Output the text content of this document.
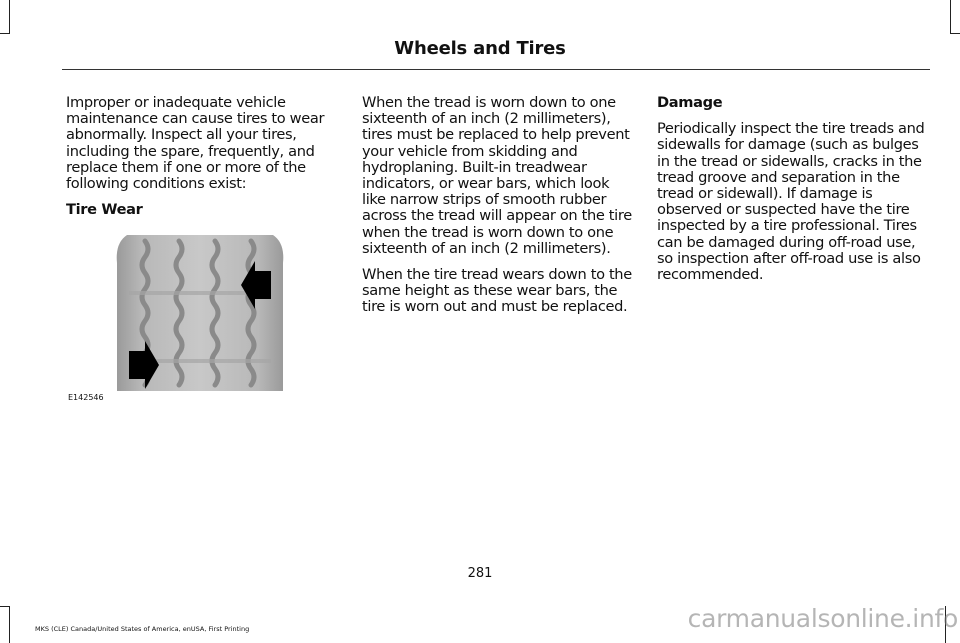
Wheels and Tires

Improper or inadequate vehicle maintenance can cause tires to wear abnormally. Inspect all your tires, including the spare, frequently, and replace them if one or more of the following conditions exist:

Tire Wear

E142546

When the tread is worn down to one sixteenth of an inch (2 millimeters), tires must be replaced to help prevent your vehicle from skidding and hydroplaning. Built-in treadwear indicators, or wear bars, which look like narrow strips of smooth rubber across the tread will appear on the tire when the tread is worn down to one sixteenth of an inch (2 millimeters).

When the tire tread wears down to the same height as these wear bars, the tire is worn out and must be replaced.

Damage

Periodically inspect the tire treads and sidewalls for damage (such as bulges in the tread or sidewalls, cracks in the tread groove and separation in the tread or sidewall). If damage is observed or suspected have the tire inspected by a tire professional. Tires can be damaged during off-road use, so inspection after off-road use is also recommended.

281
MKS (CLE) Canada/United States of America, enUSA, First Printing	carmanualsonline.info
